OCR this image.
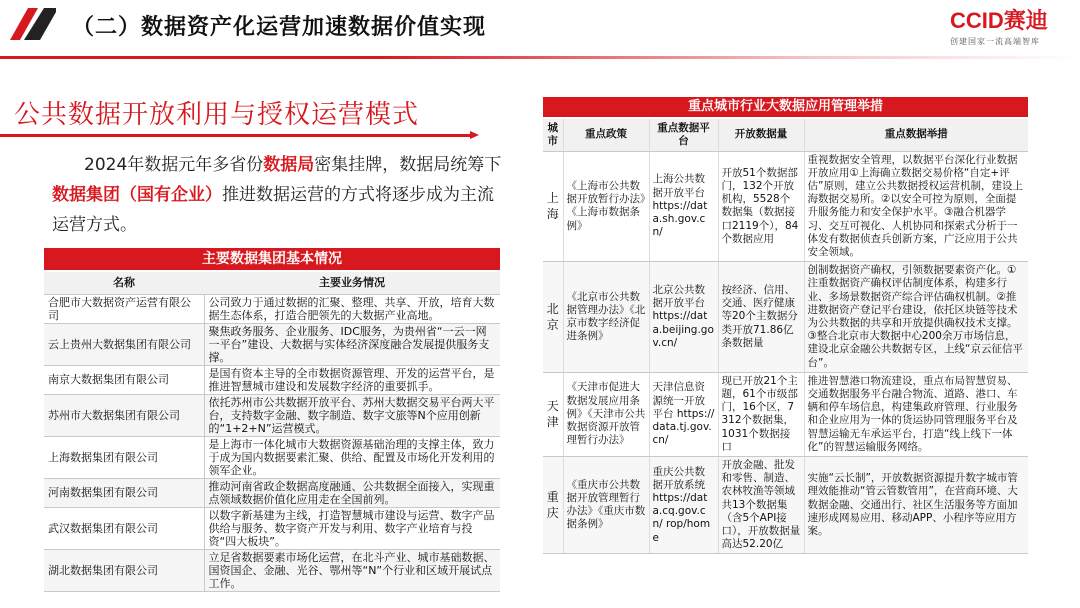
（二）数据资产化运营加速数据价值实现	CCID赛迪
创建国家一流高端智库
公共数据开放利用与授权运营模式

2024年数据元年多省份数据局密集挂牌，数据局统筹下数据集团（国有企业）推进数据运营的方式将逐步成为主流运营方式。

主要数据集团基本情况
名称	主要业务情况
合肥市大数据资产运营有限公司	公司致力于通过数据的汇聚、整理、共享、开放，培育大数据生态体系，打造合肥领先的大数据产业高地。
云上贵州大数据集团有限公司	聚焦政务服务、企业服务、IDC服务，为贵州省“一云一网一平台”建设、大数据与实体经济深度融合发展提供服务支撑。
南京大数据集团有限公司	是国有资本主导的全市数据资源管理、开发的运营平台，是推进智慧城市建设和发展数字经济的重要抓手。
苏州市大数据集团有限公司	依托苏州市公共数据开放平台、苏州大数据交易平台两大平台，支持数字金融、数字制造、数字文旅等N个应用创新的“1+2+N”运营模式。
上海数据集团有限公司	是上海市一体化城市大数据资源基础治理的支撑主体，致力于成为国内数据要素汇聚、供给、配置及市场化开发利用的领军企业。
河南数据集团有限公司	推动河南省政企数据高度融通、公共数据全面接入，实现重点领域数据价值化应用走在全国前列。
武汉数据集团有限公司	以数字新基建为主线，打造智慧城市建设与运营、数字产品供给与服务、数字资产开发与利用、数字产业培育与投资“四大板块”。
湖北数据集团有限公司	立足省数据要素市场化运营，在北斗产业、城市基础数据、国资国企、金融、光谷、鄂州等“N”个行业和区域开展试点工作。
重点城市行业大数据应用管理举措
城市	重点政策	重点数据平台	开放数据量	重点数据举措
上海	《上海市公共数据开放暂行办法》《上海市数据条例》	上海公共数据开放平台 https://data.sh.gov.cn/	开放51个数据部门，132个开放机构，5528个数据集（数据接口2119个），84个数据应用	重视数据安全管理，以数据平台深化行业数据开放应用①上海确立数据交易价格“自定+评估”原则，建立公共数据授权运营机制，建设上海数据交易所。②以安全可控为原则，全面提升服务能力和安全保护水平。③融合机器学习、交互可视化、人机协同和探索式分析于一体发有数据侦查兵创新方案，广泛应用于公共安全领域。
北京	《北京市公共数据管理办法》《北京市数字经济促进条例》	北京公共数据开放平台 https://data.beijing.gov.cn/	按经济、信用、交通、医疗健康等20个主数据分类开放71.86亿条数据量	创制数据资产确权，引领数据要素资产化。①注重数据资产确权评估制度体系，构建多行业、多场景数据资产综合评估确权机制。②推进数据资产登记平台建设，依托区块链等技术为公共数据的共享和开放提供确权技术支撑。③整合北京市大数据中心200余万市场信息，建设北京金融公共数据专区，上线“京云征信平台”。
天津	《天津市促进大数据发展应用条例》《天津市公共数据资源开放管理暂行办法》	天津信息资源统一开放平台 https://data.tj.gov.cn/	现已开放21个主题，61个市级部门，16个区，7312个数据集，1031个数据接口	推进智慧港口物流建设，重点布局智慧贸易、交通数据服务平台融合物流、道路、港口、车辆和停车场信息，构建集政府管理、行业服务和企业应用为一体的货运协同管理服务平台及智慧运输无车承运平台，打造“线上线下一体化”的智慧运输服务网络。
重庆	《重庆市公共数据开放管理暂行办法》《重庆市数据条例》	重庆公共数据开放系统 https://data.cq.gov.cn/ rop/home	开放金融、批发和零售、制造、农林牧渔等领域共13个数据集（含5个API接口），开放数据量高达52.20亿	实施“云长制”，开放数据资源提升数字城市管理效能推动“管云管数管用”，在营商环境、大数据金融、交通出行、社区生活服务等方面加速形成网易应用、移动APP、小程序等应用方案。
